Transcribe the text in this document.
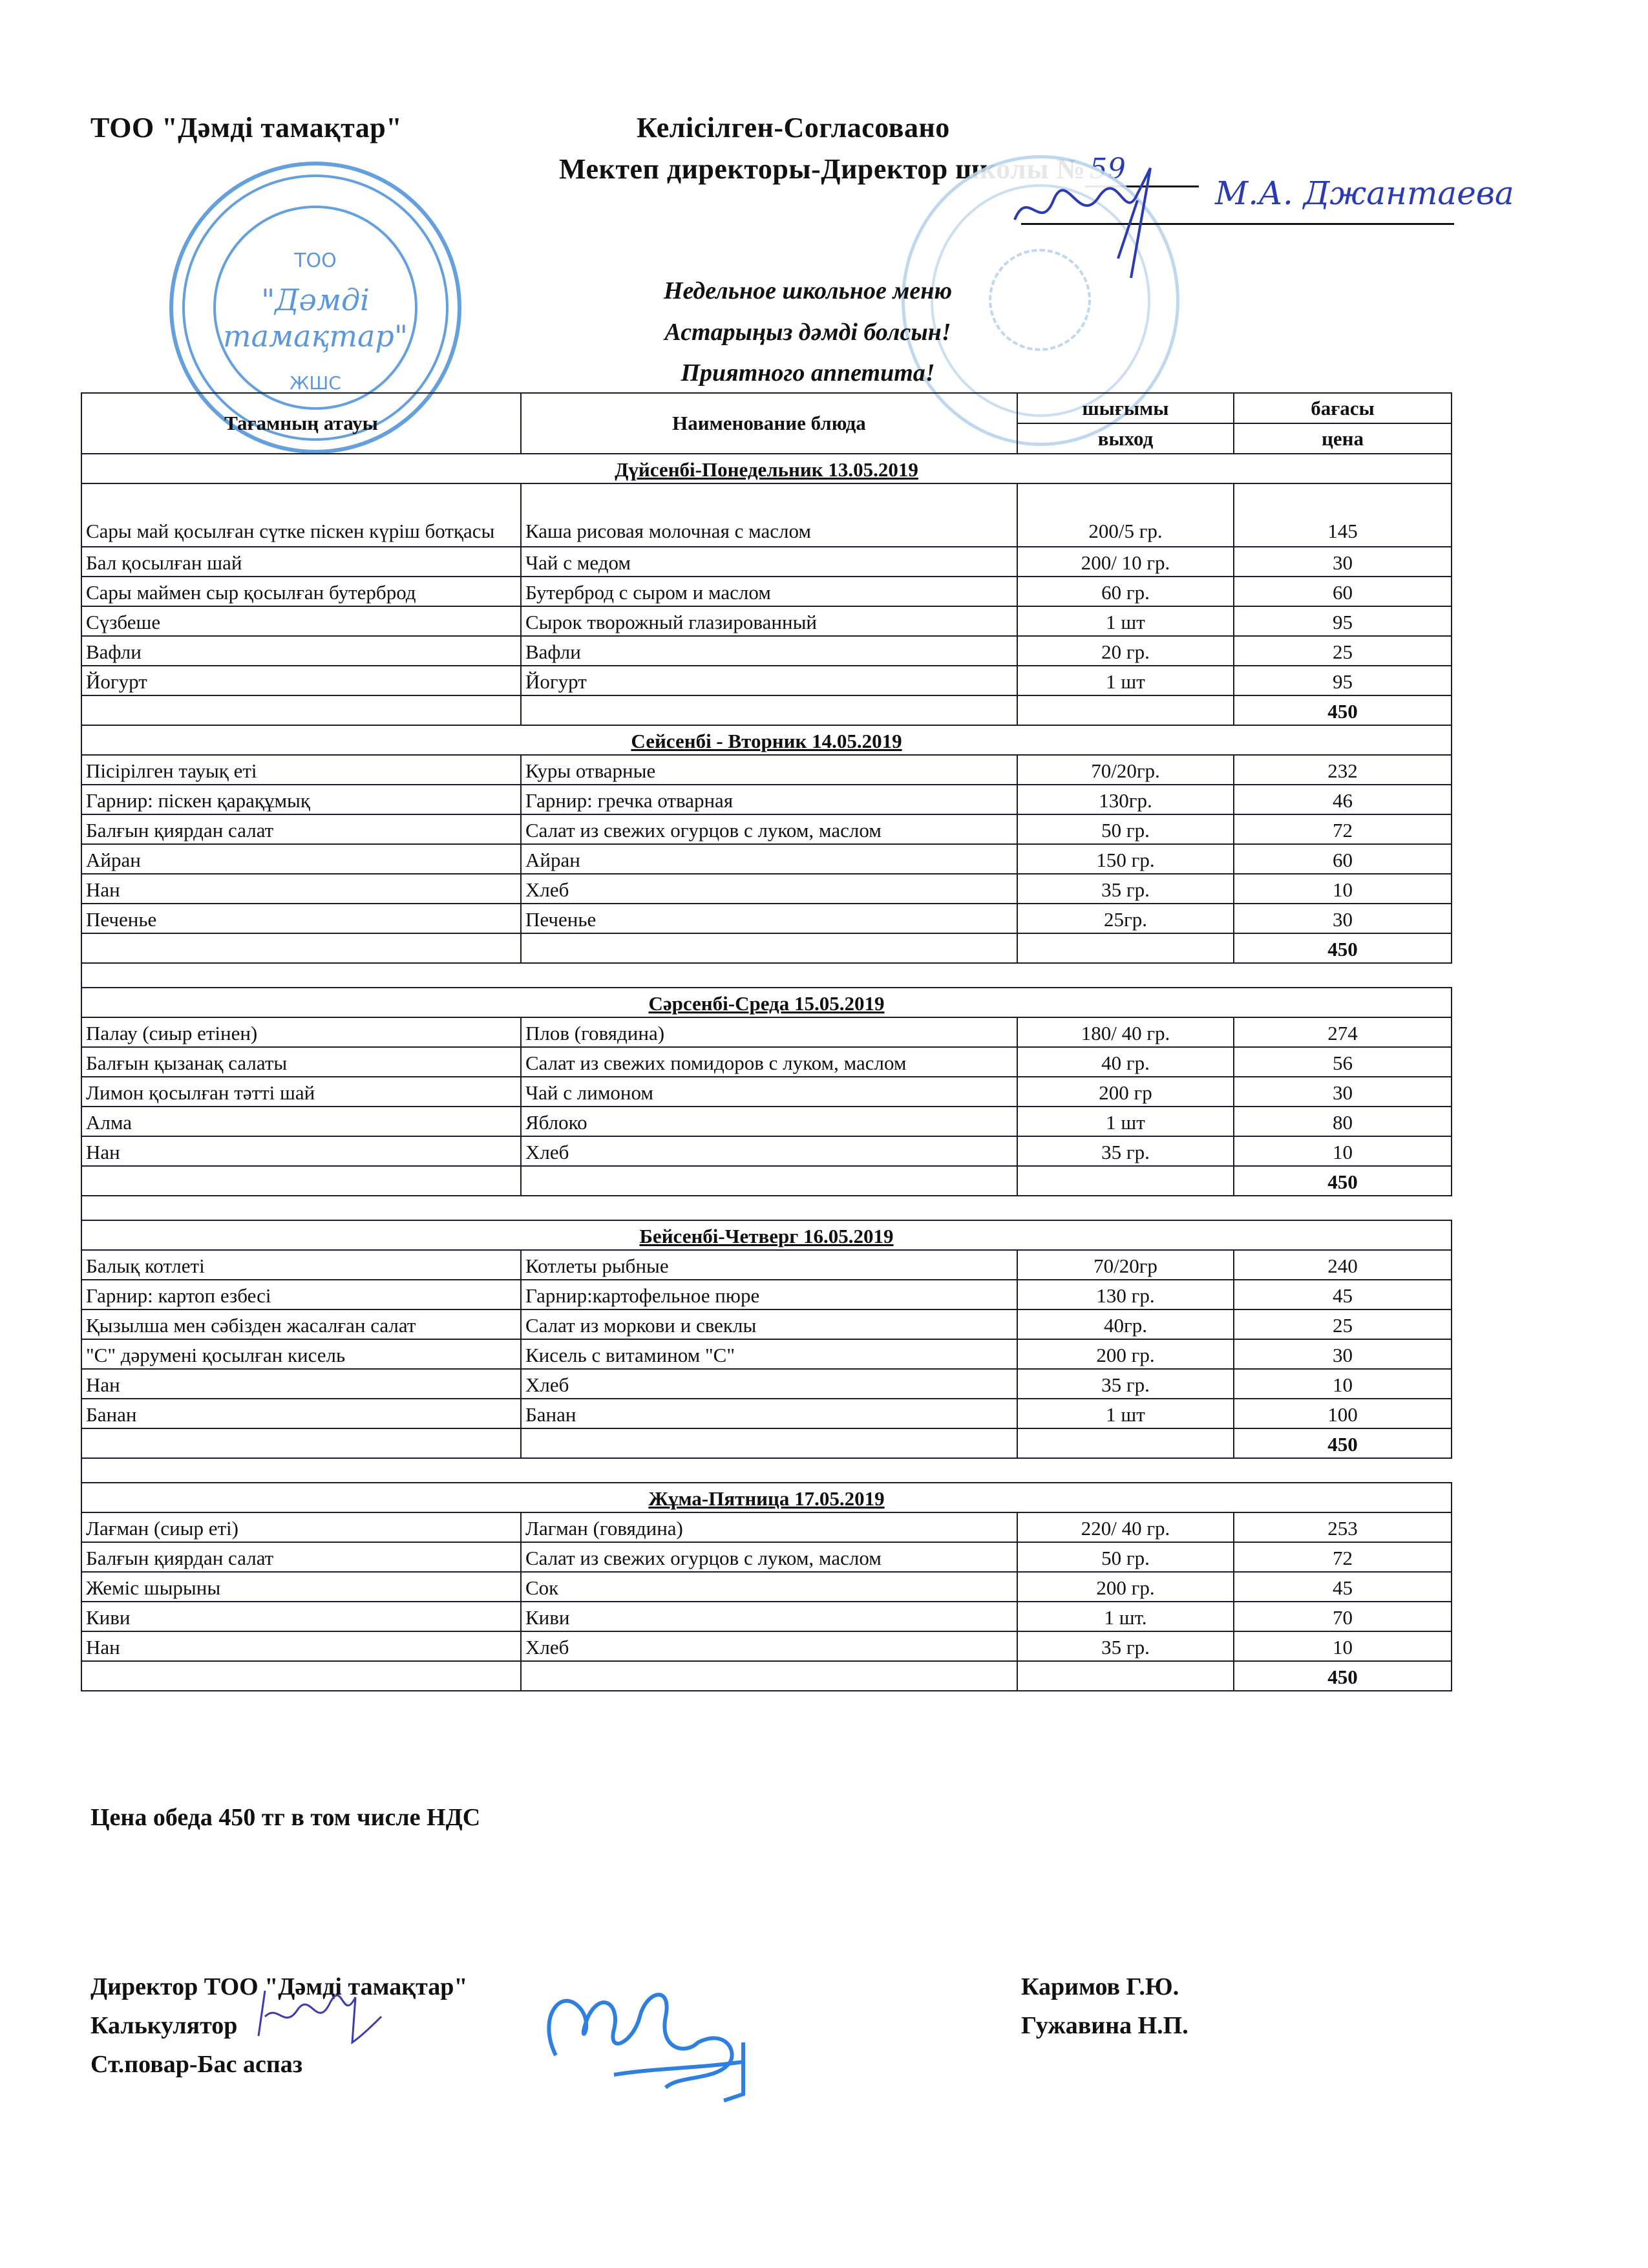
ТОО "Дәмді тамақтар"	Келісілген-Согласовано
Мектеп директоры-Директор школы № 59
М.А. Джантаева
ТОО
"Дәмді
тамақтар"
ЖШС
Недельное школьное меню
Астарыңыз дәмді болсын!
Приятного аппетита!
Тағамның атауы	Наименование блюда	шығымы	бағасы
		выход	цена
Дүйсенбі-Понедельник 13.05.2019			
Сары май қосылған сүтке піскен күріш ботқасы	Каша рисовая молочная с маслом	200/5 гр.	145
Бал қосылған шай	Чай с медом	200/ 10 гр.	30
Сары маймен сыр қосылған бутерброд	Бутерброд с сыром и маслом	60 гр.	60
Сүзбеше	Сырок творожный глазированный	1 шт	95
Вафли	Вафли	20 гр.	25
Йогурт	Йогурт	1 шт	95
			450
Сейсенбі - Вторник 14.05.2019			
Пісірілген тауық еті	Куры отварные	70/20гр.	232
Гарнир: піскен қарақұмық	Гарнир: гречка отварная	130гр.	46
Балғын қиярдан салат	Салат из свежих огурцов с луком, маслом	50 гр.	72
Айран	Айран	150 гр.	60
Нан	Хлеб	35 гр.	10
Печенье	Печенье	25гр.	30
			450

Сәрсенбі-Среда 15.05.2019			
Палау (сиыр етінен)	Плов (говядина)	180/ 40 гр.	274
Балғын қызанақ салаты	Салат из свежих помидоров с луком, маслом	40 гр.	56
Лимон қосылған тәтті шай	Чай с лимоном	200 гр	30
Алма	Яблоко	1 шт	80
Нан	Хлеб	35 гр.	10
			450

Бейсенбі-Четверг 16.05.2019			
Балық котлеті	Котлеты рыбные	70/20гр	240
Гарнир: картоп езбесі	Гарнир:картофельное пюре	130 гр.	45
Қызылша мен сәбізден жасалған салат	Салат из моркови и свеклы	40гр.	25
"С" дәрумені қосылған кисель	Кисель с витамином "С"	200 гр.	30
Нан	Хлеб	35 гр.	10
Банан	Банан	1 шт	100
			450

Жұма-Пятница 17.05.2019			
Лағман (сиыр еті)	Лагман (говядина)	220/ 40 гр.	253
Балғын қиярдан салат	Салат из свежих огурцов с луком, маслом	50 гр.	72
Жеміс шырыны	Сок	200 гр.	45
Киви	Киви	1 шт.	70
Нан	Хлеб	35 гр.	10
			450
Цена обеда 450 тг в том числе НДС
Директор ТОО "Дәмді тамақтар"
Калькулятор
Ст.повар-Бас аспаз
Каримов Г.Ю.
Гужавина Н.П.
